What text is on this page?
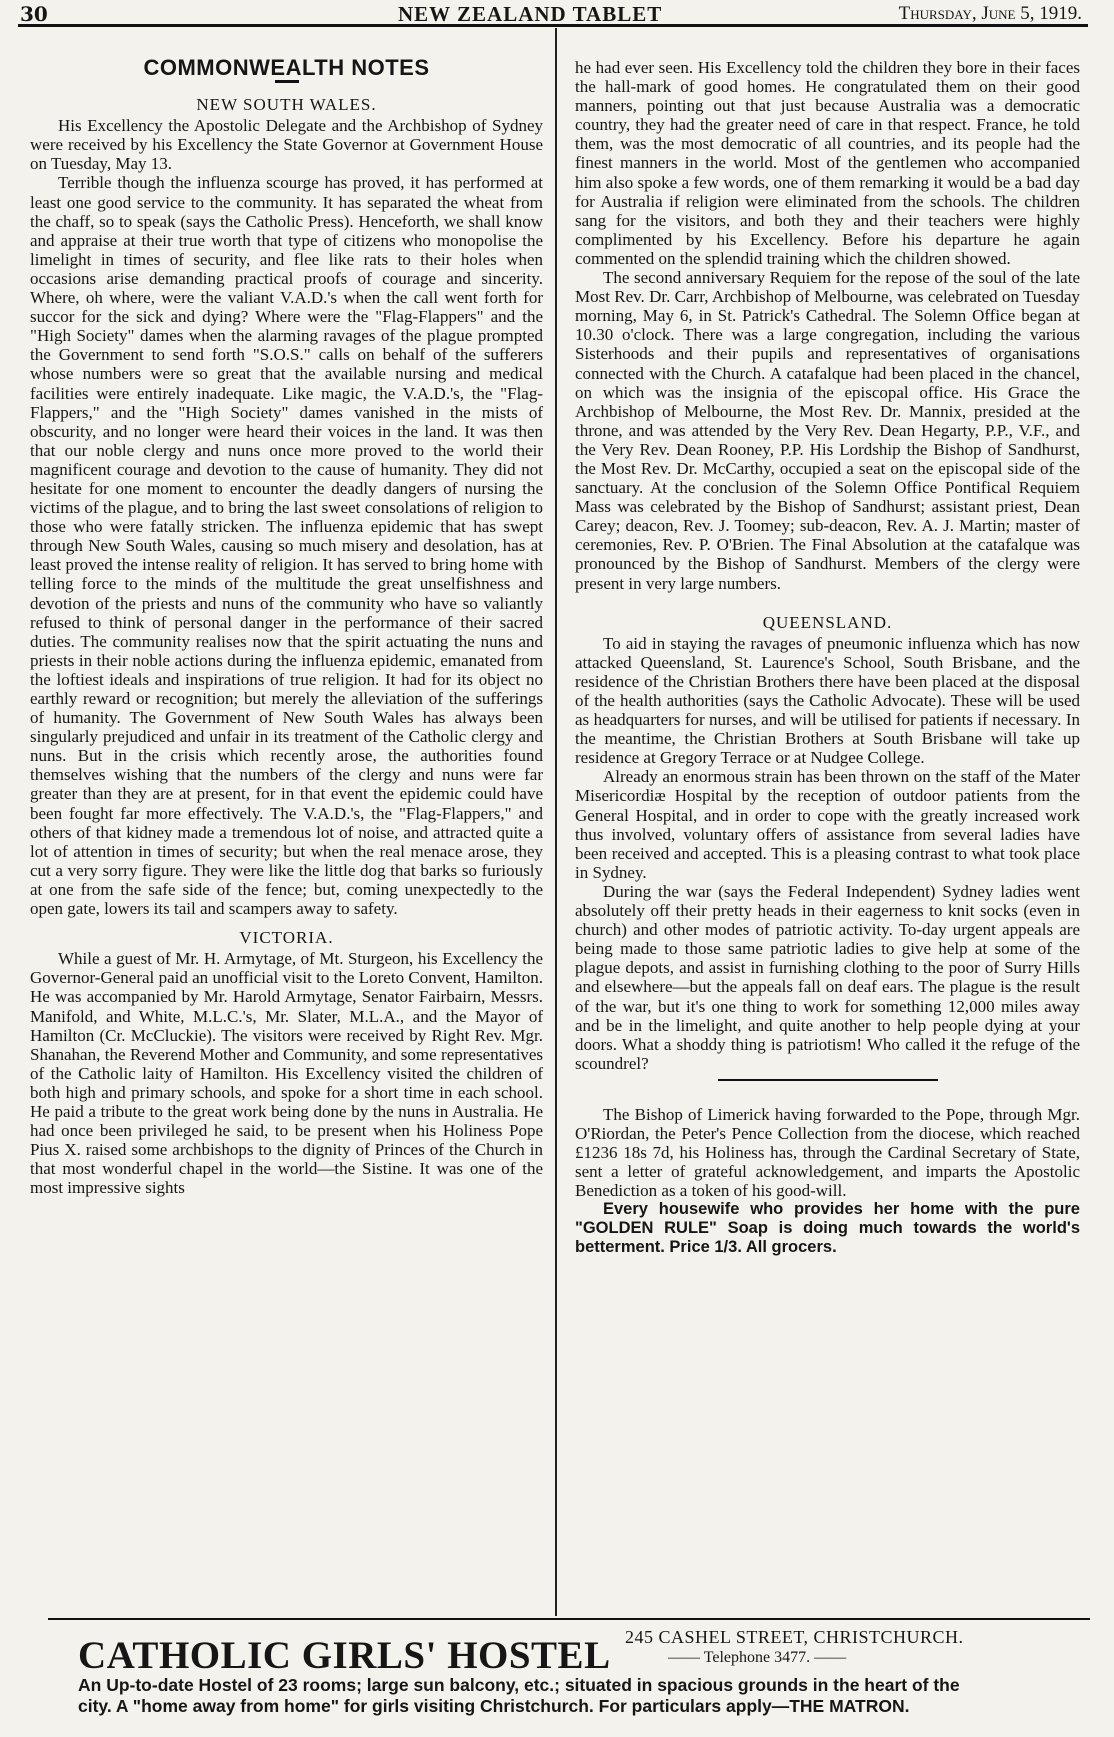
30	NEW ZEALAND TABLET	Thursday, June 5, 1919.
COMMONWEALTH NOTES
NEW SOUTH WALES.

His Excellency the Apostolic Delegate and the Archbishop of Sydney were received by his Excellency the State Governor at Government House on Tuesday, May 13.

Terrible though the influenza scourge has proved, it has performed at least one good service to the community. It has separated the wheat from the chaff, so to speak (says the Catholic Press). Henceforth, we shall know and appraise at their true worth that type of citizens who monopolise the limelight in times of security, and flee like rats to their holes when occasions arise demanding practical proofs of courage and sincerity. Where, oh where, were the valiant V.A.D.'s when the call went forth for succor for the sick and dying? Where were the "Flag-Flappers" and the "High Society" dames when the alarming ravages of the plague prompted the Government to send forth "S.O.S." calls on behalf of the sufferers whose numbers were so great that the available nursing and medical facilities were entirely inadequate. Like magic, the V.A.D.'s, the "Flag-Flappers," and the "High Society" dames vanished in the mists of obscurity, and no longer were heard their voices in the land. It was then that our noble clergy and nuns once more proved to the world their magnificent courage and devotion to the cause of humanity. They did not hesitate for one moment to encounter the deadly dangers of nursing the victims of the plague, and to bring the last sweet consolations of religion to those who were fatally stricken. The influenza epidemic that has swept through New South Wales, causing so much misery and desolation, has at least proved the intense reality of religion. It has served to bring home with telling force to the minds of the multitude the great unselfishness and devotion of the priests and nuns of the community who have so valiantly refused to think of personal danger in the performance of their sacred duties. The community realises now that the spirit actuating the nuns and priests in their noble actions during the influenza epidemic, emanated from the loftiest ideals and inspirations of true religion. It had for its object no earthly reward or recognition; but merely the alleviation of the sufferings of humanity. The Government of New South Wales has always been singularly prejudiced and unfair in its treatment of the Catholic clergy and nuns. But in the crisis which recently arose, the authorities found themselves wishing that the numbers of the clergy and nuns were far greater than they are at present, for in that event the epidemic could have been fought far more effectively. The V.A.D.'s, the "Flag-Flappers," and others of that kidney made a tremendous lot of noise, and attracted quite a lot of attention in times of security; but when the real menace arose, they cut a very sorry figure. They were like the little dog that barks so furiously at one from the safe side of the fence; but, coming unexpectedly to the open gate, lowers its tail and scampers away to safety.

VICTORIA.

While a guest of Mr. H. Armytage, of Mt. Sturgeon, his Excellency the Governor-General paid an unofficial visit to the Loreto Convent, Hamilton. He was accompanied by Mr. Harold Armytage, Senator Fairbairn, Messrs. Manifold, and White, M.L.C.'s, Mr. Slater, M.L.A., and the Mayor of Hamilton (Cr. McCluckie). The visitors were received by Right Rev. Mgr. Shanahan, the Reverend Mother and Community, and some representatives of the Catholic laity of Hamilton. His Excellency visited the children of both high and primary schools, and spoke for a short time in each school. He paid a tribute to the great work being done by the nuns in Australia. He had once been privileged he said, to be present when his Holiness Pope Pius X. raised some archbishops to the dignity of Princes of the Church in that most wonderful chapel in the world—the Sistine. It was one of the most impressive sights

he had ever seen. His Excellency told the children they bore in their faces the hall-mark of good homes. He congratulated them on their good manners, pointing out that just because Australia was a democratic country, they had the greater need of care in that respect. France, he told them, was the most democratic of all countries, and its people had the finest manners in the world. Most of the gentlemen who accompanied him also spoke a few words, one of them remarking it would be a bad day for Australia if religion were eliminated from the schools. The children sang for the visitors, and both they and their teachers were highly complimented by his Excellency. Before his departure he again commented on the splendid training which the children showed.

The second anniversary Requiem for the repose of the soul of the late Most Rev. Dr. Carr, Archbishop of Melbourne, was celebrated on Tuesday morning, May 6, in St. Patrick's Cathedral. The Solemn Office began at 10.30 o'clock. There was a large congregation, including the various Sisterhoods and their pupils and representatives of organisations connected with the Church. A catafalque had been placed in the chancel, on which was the insignia of the episcopal office. His Grace the Archbishop of Melbourne, the Most Rev. Dr. Mannix, presided at the throne, and was attended by the Very Rev. Dean Hegarty, P.P., V.F., and the Very Rev. Dean Rooney, P.P. His Lordship the Bishop of Sandhurst, the Most Rev. Dr. McCarthy, occupied a seat on the episcopal side of the sanctuary. At the conclusion of the Solemn Office Pontifical Requiem Mass was celebrated by the Bishop of Sandhurst; assistant priest, Dean Carey; deacon, Rev. J. Toomey; sub-deacon, Rev. A. J. Martin; master of ceremonies, Rev. P. O'Brien. The Final Absolution at the catafalque was pronounced by the Bishop of Sandhurst. Members of the clergy were present in very large numbers.

QUEENSLAND.

To aid in staying the ravages of pneumonic influenza which has now attacked Queensland, St. Laurence's School, South Brisbane, and the residence of the Christian Brothers there have been placed at the disposal of the health authorities (says the Catholic Advocate). These will be used as headquarters for nurses, and will be utilised for patients if necessary. In the meantime, the Christian Brothers at South Brisbane will take up residence at Gregory Terrace or at Nudgee College.

Already an enormous strain has been thrown on the staff of the Mater Misericordiæ Hospital by the reception of outdoor patients from the General Hospital, and in order to cope with the greatly increased work thus involved, voluntary offers of assistance from several ladies have been received and accepted. This is a pleasing contrast to what took place in Sydney.

During the war (says the Federal Independent) Sydney ladies went absolutely off their pretty heads in their eagerness to knit socks (even in church) and other modes of patriotic activity. To-day urgent appeals are being made to those same patriotic ladies to give help at some of the plague depots, and assist in furnishing clothing to the poor of Surry Hills and elsewhere—but the appeals fall on deaf ears. The plague is the result of the war, but it's one thing to work for something 12,000 miles away and be in the limelight, and quite another to help people dying at your doors. What a shoddy thing is patriotism! Who called it the refuge of the scoundrel?

The Bishop of Limerick having forwarded to the Pope, through Mgr. O'Riordan, the Peter's Pence Collection from the diocese, which reached £1236 18s 7d, his Holiness has, through the Cardinal Secretary of State, sent a letter of grateful acknowledgement, and imparts the Apostolic Benediction as a token of his good-will.

Every housewife who provides her home with the pure "GOLDEN RULE" Soap is doing much towards the world's betterment. Price 1/3. All grocers.

CATHOLIC GIRLS' HOSTEL 245 CASHEL STREET, CHRISTCHURCH.
—— Telephone 3477. ——
An Up-to-date Hostel of 23 rooms; large sun balcony, etc.; situated in spacious grounds in the heart of the
city. A "home away from home" for girls visiting Christchurch. For particulars apply—THE MATRON.
